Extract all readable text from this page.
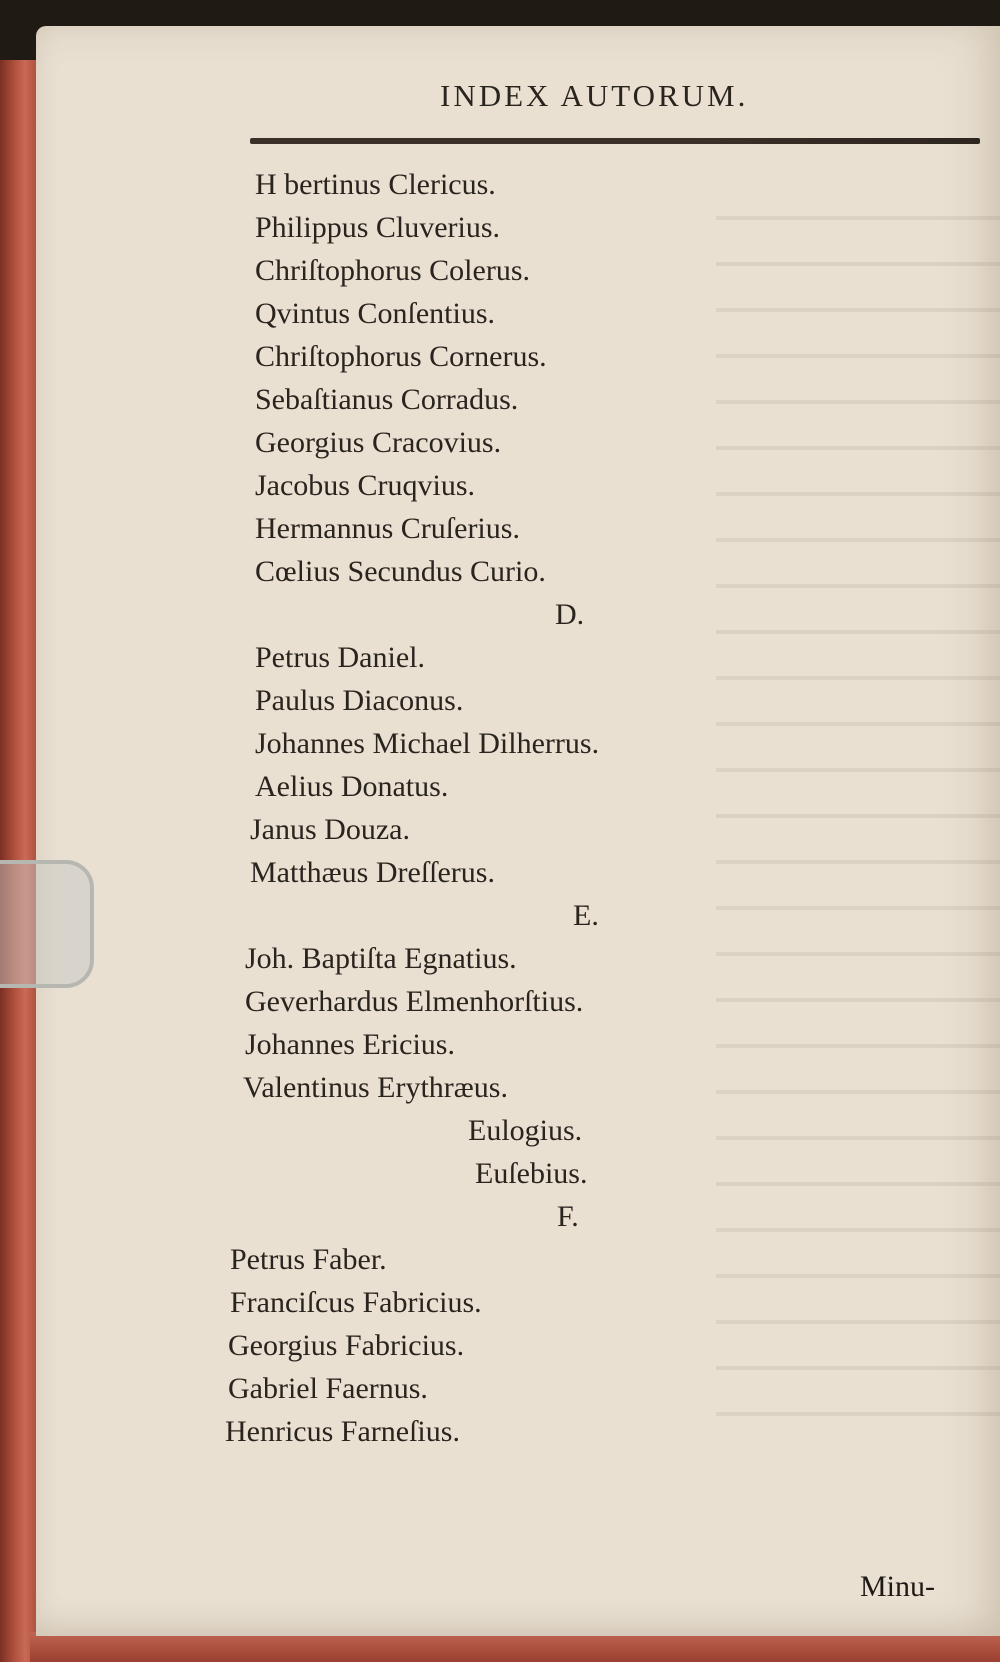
INDEX AUTORUM.
H bertinus Clericus.
Philippus Cluverius.
Chriſtophorus Colerus.
Qvintus Conſentius.
Chriſtophorus Cornerus.
Sebaſtianus Corradus.
Georgius Cracovius.
Jacobus Cruqvius.
Hermannus Cruſerius.
Cœlius Secundus Curio.
D.
Petrus Daniel.
Paulus Diaconus.
Johannes Michael Dilherrus.
Aelius Donatus.
Janus Douza.
Matthæus Dreſſerus.
E.
Joh. Baptiſta Egnatius.
Geverhardus Elmenhorſtius.
Johannes Ericius.
Valentinus Erythræus.
Eulogius.
Euſebius.
F.
Petrus Faber.
Franciſcus Fabricius.
Georgius Fabricius.
Gabriel Faernus.
Henricus Farneſius.
Minu-
